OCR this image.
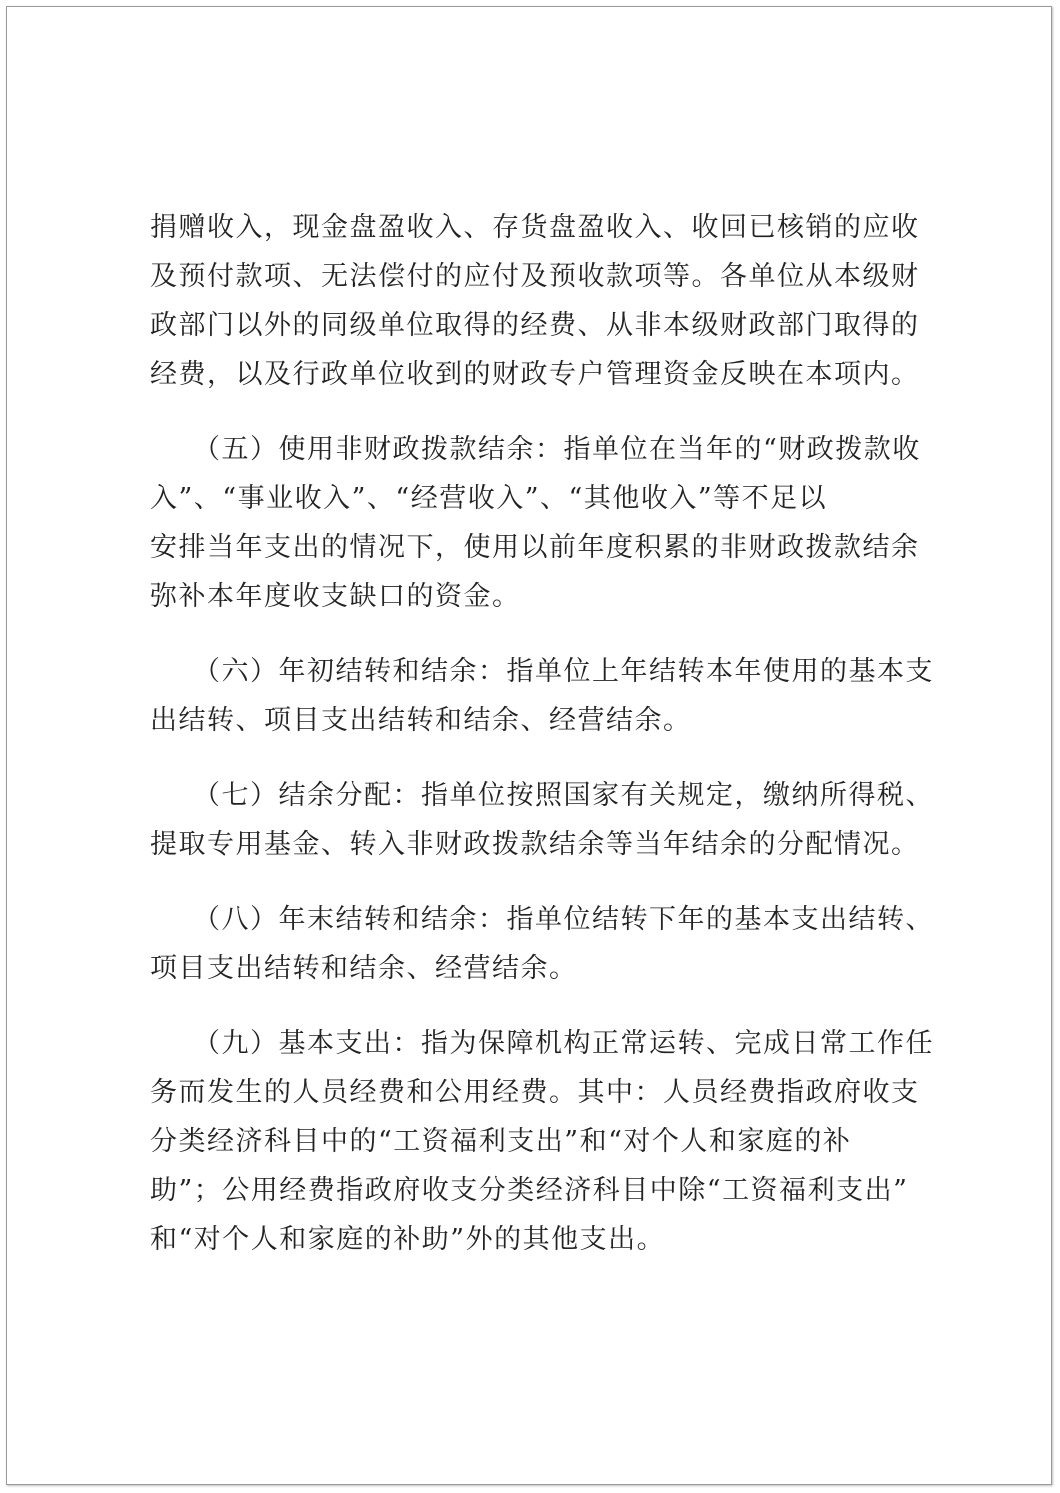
捐赠收入，现金盘盈收入、存货盘盈收入、收回已核销的应收
及预付款项、无法偿付的应付及预收款项等。各单位从本级财
政部门以外的同级单位取得的经费、从非本级财政部门取得的
经费，以及行政单位收到的财政专户管理资金反映在本项内。
（五）使用非财政拨款结余：指单位在当年的“财政拨款收
入”、“事业收入”、“经营收入”、“其他收入”等不足以
安排当年支出的情况下，使用以前年度积累的非财政拨款结余
弥补本年度收支缺口的资金。
（六）年初结转和结余：指单位上年结转本年使用的基本支
出结转、项目支出结转和结余、经营结余。
（七）结余分配：指单位按照国家有关规定，缴纳所得税、
提取专用基金、转入非财政拨款结余等当年结余的分配情况。
（八）年末结转和结余：指单位结转下年的基本支出结转、
项目支出结转和结余、经营结余。
（九）基本支出：指为保障机构正常运转、完成日常工作任
务而发生的人员经费和公用经费。其中：人员经费指政府收支
分类经济科目中的“工资福利支出”和“对个人和家庭的补
助”；公用经费指政府收支分类经济科目中除“工资福利支出”
和“对个人和家庭的补助”外的其他支出。
